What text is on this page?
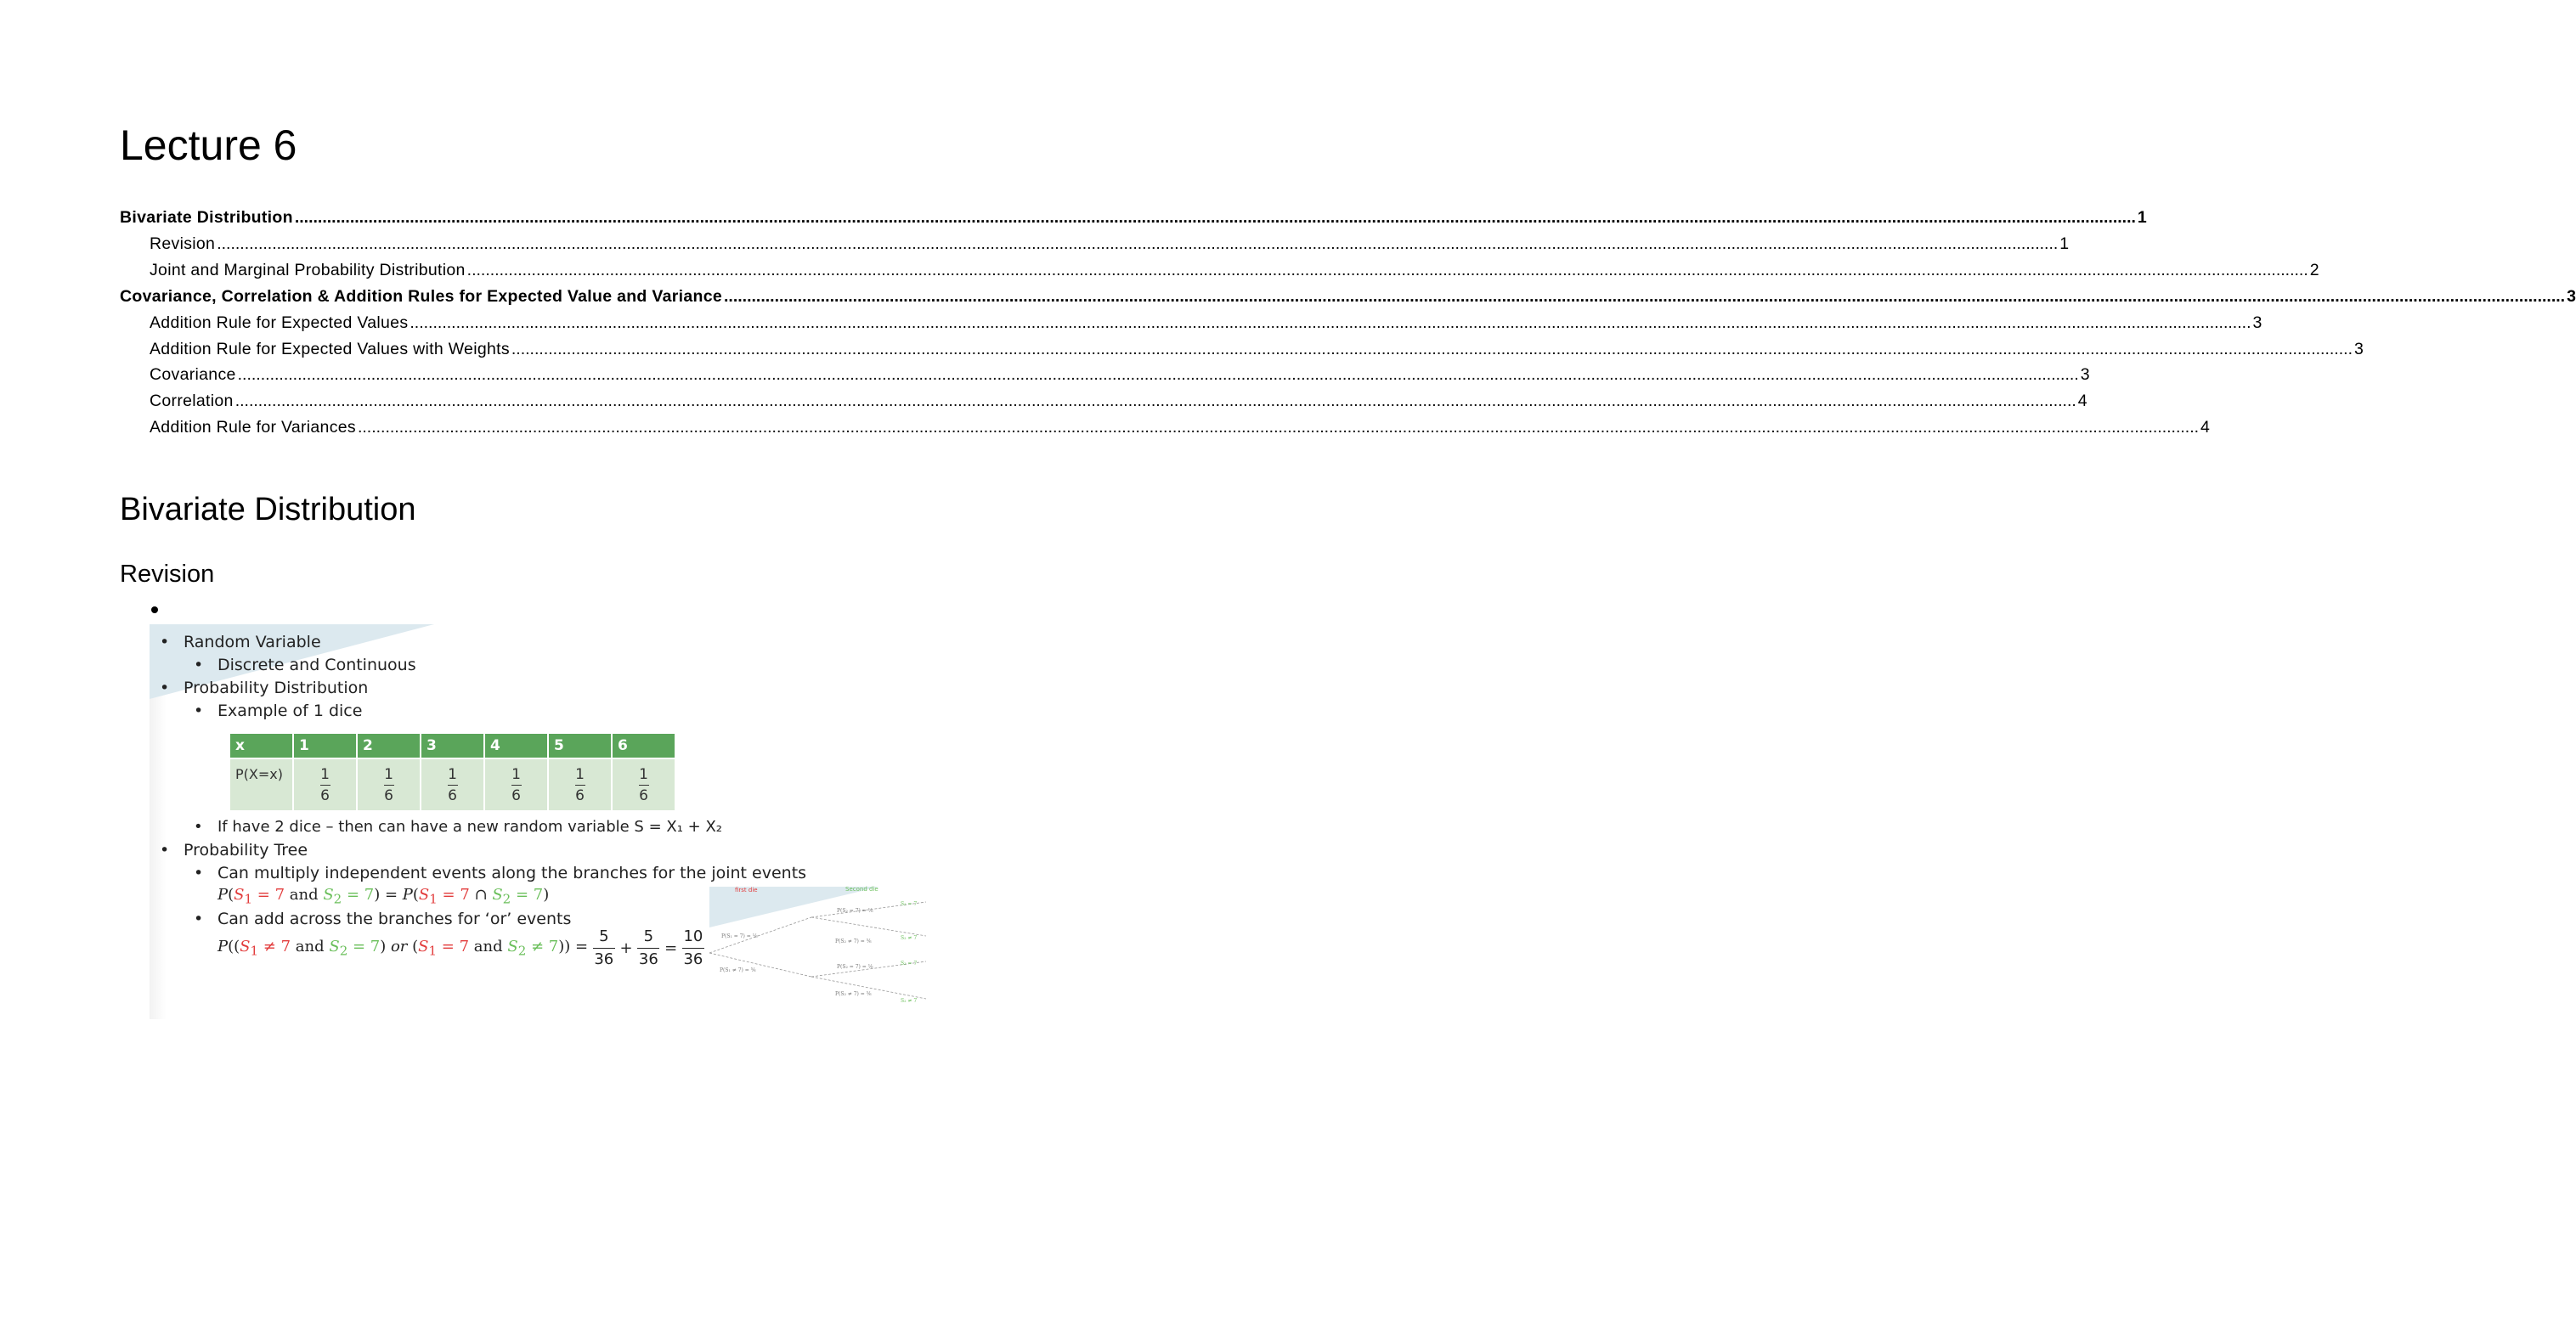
Lecture 6
Bivariate Distribution ................................................................................................................................................................................................................................................................................................................................................................................................................ 1
Revision ................................................................................................................................................................................................................................................................................................................................................................................................................ 1
Joint and Marginal Probability Distribution ................................................................................................................................................................................................................................................................................................................................................................................................................ 2
Covariance, Correlation & Addition Rules for Expected Value and Variance ................................................................................................................................................................................................................................................................................................................................................................................................................ 3
Addition Rule for Expected Values ................................................................................................................................................................................................................................................................................................................................................................................................................ 3
Addition Rule for Expected Values with Weights ................................................................................................................................................................................................................................................................................................................................................................................................................ 3
Covariance ................................................................................................................................................................................................................................................................................................................................................................................................................ 3
Correlation ................................................................................................................................................................................................................................................................................................................................................................................................................ 4
Addition Rule for Variances ................................................................................................................................................................................................................................................................................................................................................................................................................ 4
Bivariate Distribution
Revision
• Random Variable
• Discrete and Continuous
• Probability Distribution
• Example of 1 dice
x	1	2	3	4	5	6
P(X=x)	$\frac{1}{6}$	$\frac{1}{6}$	$\frac{1}{6}$	$\frac{1}{6}$	$\frac{1}{6}$	$\frac{1}{6}$
• If have 2 dice – then can have a new random variable S = X₁ + X₂
• Probability Tree
• Can multiply independent events along the branches for the joint events
$P(S_1 = 7$ and $S_2 = 7) = P(S_1 = 7$ ∩ $S_2 = 7$)
• Can add across the branches for ‘or’ events
$P((S_1 \ne 7$ and $S_2 = 7$) or ($S_1 = 7$ and $S_2 \ne 7)) = \frac{5}{36} + \frac{5}{36} = \frac{10}{36}$
first die	Second die
P(S₁ = 7) = ⅙
P(S₁ ≠ 7) = ⅚
P(S₂ = 7) = ⅙
P(S₂ ≠ 7) = ⅚
P(S₂ = 7) = ⅙
P(S₂ ≠ 7) = ⅚
S₂ = 7
S₂ ≠ 7
S₂ = 7
S₂ ≠ 7
